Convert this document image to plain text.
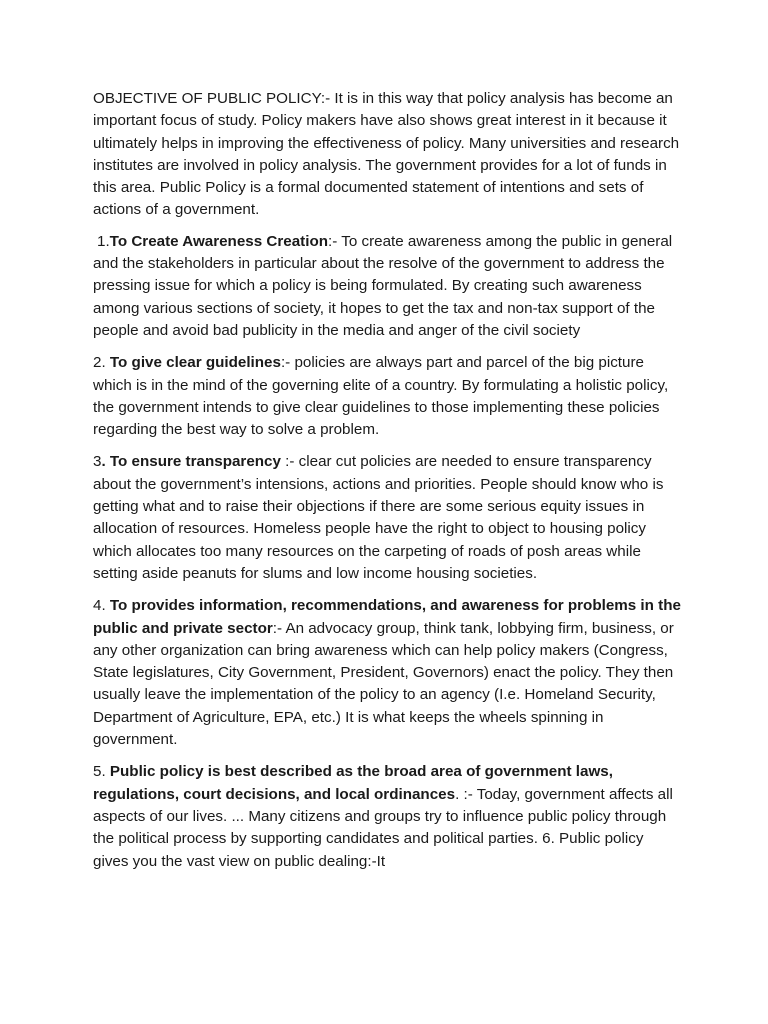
OBJECTIVE OF PUBLIC POLICY:- It is in this way that policy analysis has become an important focus of study. Policy makers have also shows great interest in it because it ultimately helps in improving the effectiveness of policy. Many universities and research institutes are involved in policy analysis. The government provides for a lot of funds in this area. Public Policy is a formal documented statement of intentions and sets of actions of a government.

1.To Create Awareness Creation:- To create awareness among the public in general and the stakeholders in particular about the resolve of the government to address the pressing issue for which a policy is being formulated. By creating such awareness among various sections of society, it hopes to get the tax and non-tax support of the people and avoid bad publicity in the media and anger of the civil society

2. To give clear guidelines:- policies are always part and parcel of the big picture which is in the mind of the governing elite of a country. By formulating a holistic policy, the government intends to give clear guidelines to those implementing these policies regarding the best way to solve a problem.

3. To ensure transparency :- clear cut policies are needed to ensure transparency about the government’s intensions, actions and priorities. People should know who is getting what and to raise their objections if there are some serious equity issues in allocation of resources. Homeless people have the right to object to housing policy which allocates too many resources on the carpeting of roads of posh areas while setting aside peanuts for slums and low income housing societies.

4. To provides information, recommendations, and awareness for problems in the public and private sector:- An advocacy group, think tank, lobbying firm, business, or any other organization can bring awareness which can help policy makers (Congress, State legislatures, City Government, President, Governors) enact the policy. They then usually leave the implementation of the policy to an agency (I.e. Homeland Security, Department of Agriculture, EPA, etc.) It is what keeps the wheels spinning in government.

5. Public policy is best described as the broad area of government laws, regulations, court decisions, and local ordinances. :- Today, government affects all aspects of our lives. ... Many citizens and groups try to influence public policy through the political process by supporting candidates and political parties. 6. Public policy gives you the vast view on public dealing:-It
